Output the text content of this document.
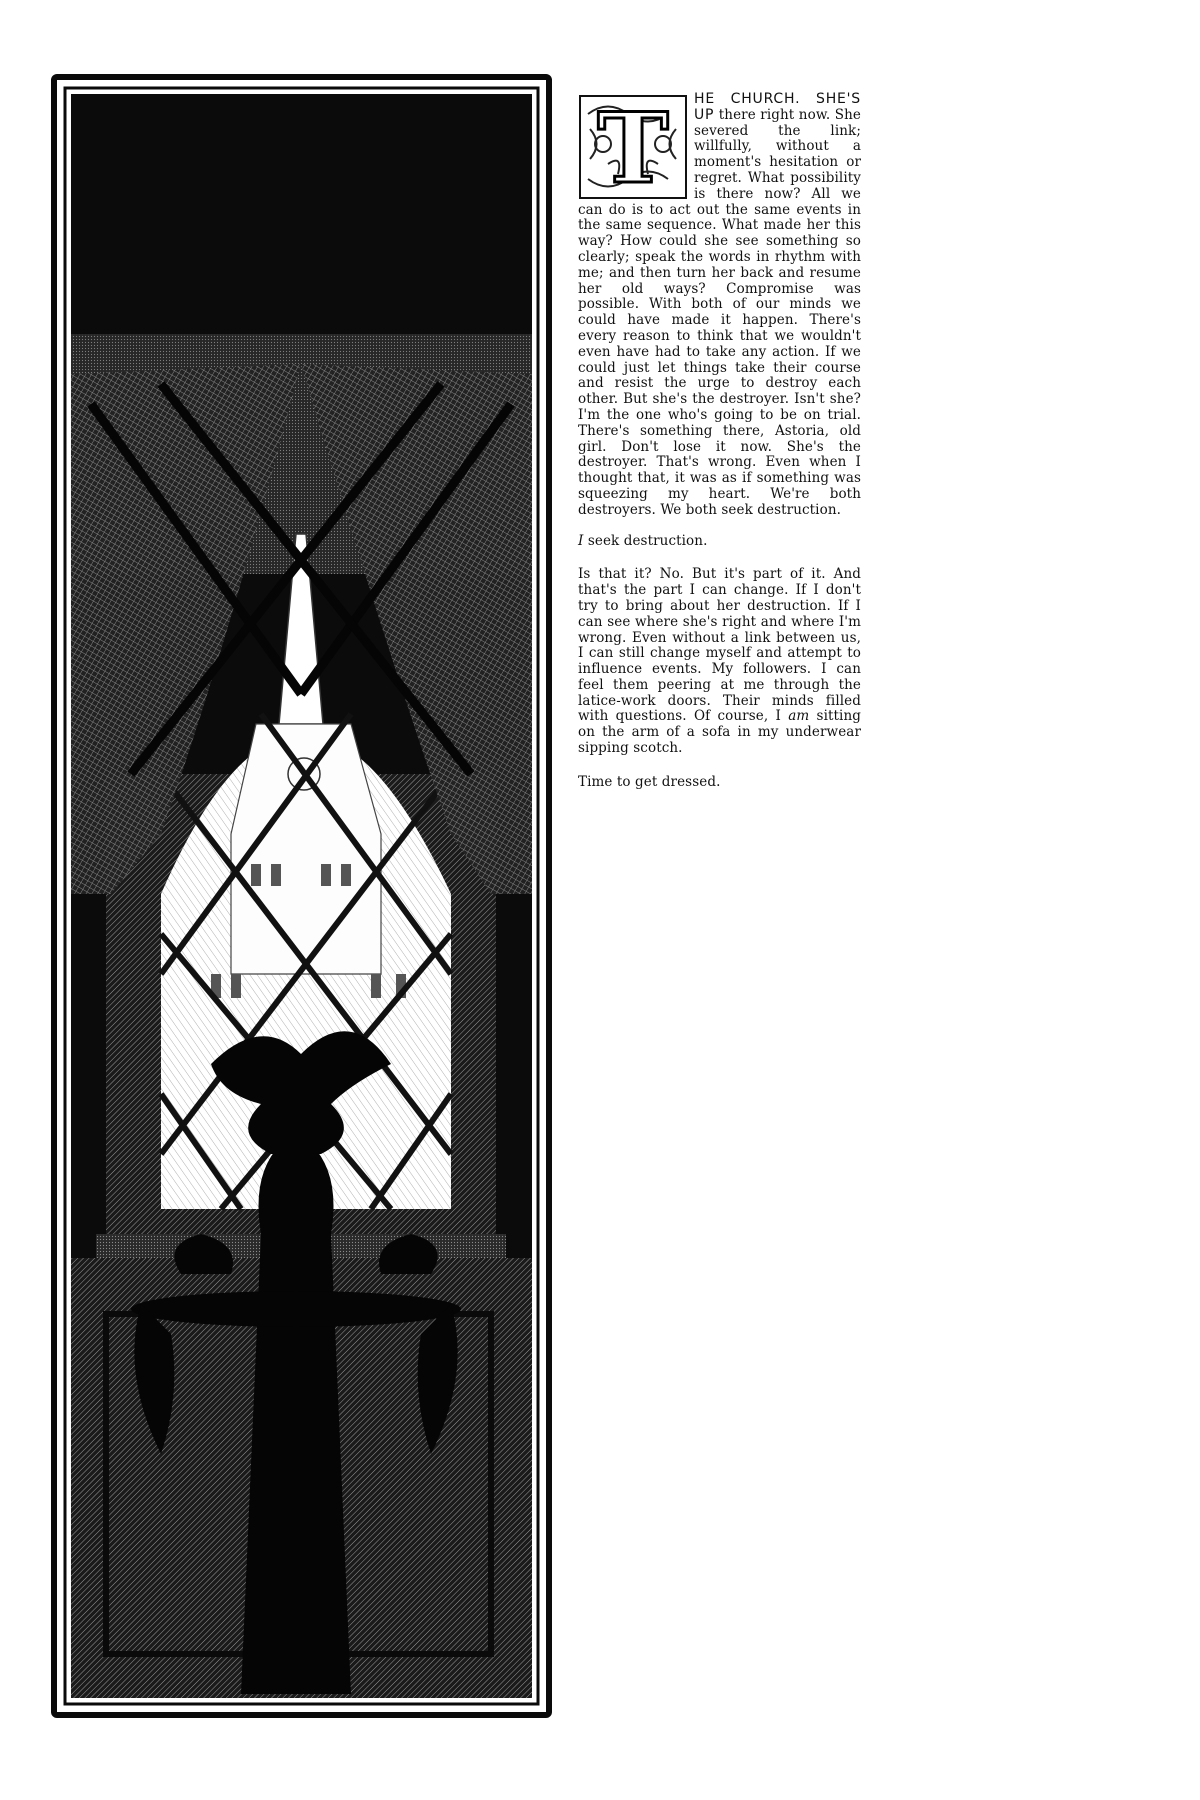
T	HE CHURCH. SHE'S UP there right now. She severed the link; willfully, without a moment's hesitation or regret. What possibility is there now? All we can do is to act out the same events in the same sequence. What made her this way? How could she see something so clearly; speak the words in rhythm with me; and then turn her back and resume her old ways? Compromise was possible. With both of our minds we could have made it happen. There's every reason to think that we wouldn't even have had to take any action. If we could just let things take their course and resist the urge to destroy each other. But she's the destroyer. Isn't she? I'm the one who's going to be on trial. There's something there, Astoria, old girl. Don't lose it now. She's the destroyer. That's wrong. Even when I thought that, it was as if something was squeezing my heart. We're both destroyers. We both seek destruction.

I seek destruction.

Is that it? No. But it's part of it. And that's the part I can change. If I don't try to bring about her destruction. If I can see where she's right and where I'm wrong. Even without a link between us, I can still change myself and attempt to influence events. My followers. I can feel them peering at me through the latice-work doors. Their minds filled with questions. Of course, I am sitting on the arm of a sofa in my underwear sipping scotch.

Time to get dressed.
